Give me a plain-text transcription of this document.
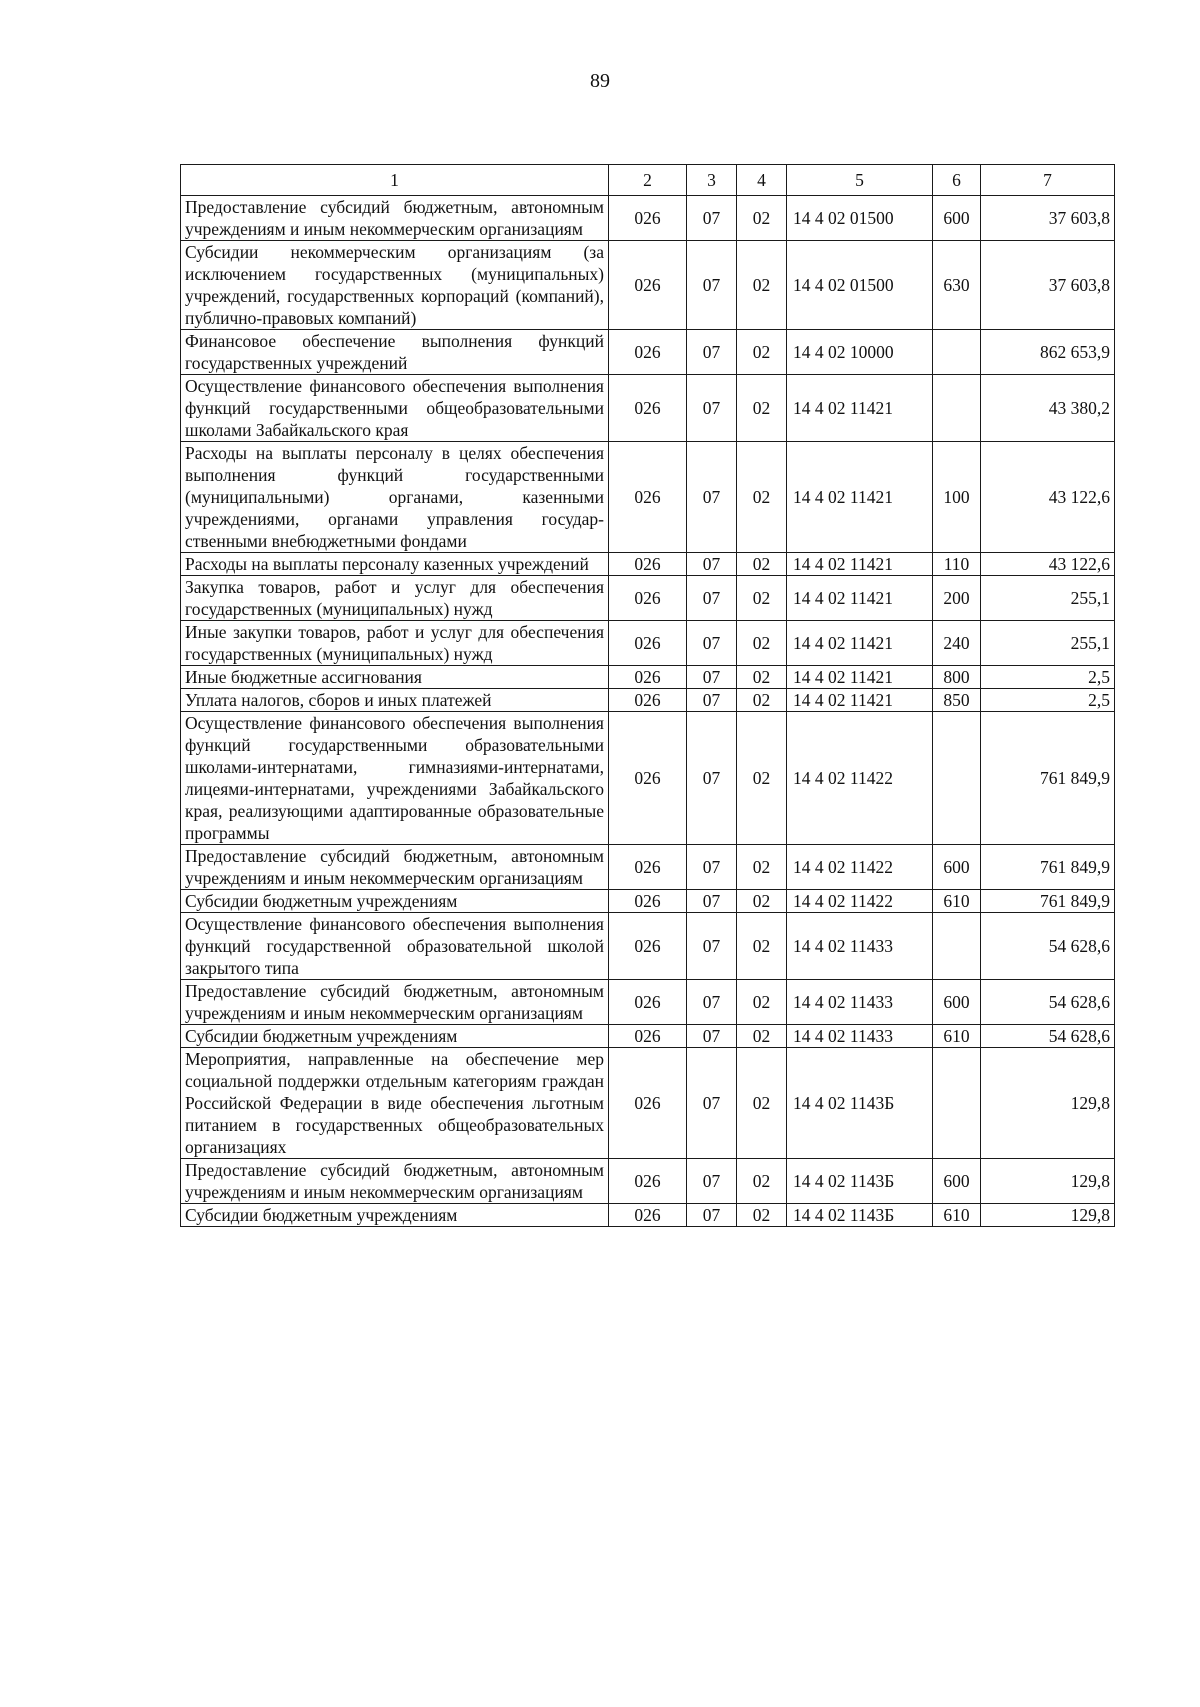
89
1	2	3	4	5	6	7
Предоставление субсидий бюджетным, автономным учреждениям и иным некоммерческим организациям	026	07	02	14 4 02 01500	600	37 603,8
Субсидии некоммерческим организациям (за исключением государственных (муниципальных) учреждений, государственных корпораций (компаний), публично-правовых компаний)	026	07	02	14 4 02 01500	630	37 603,8
Финансовое обеспечение выполнения функций государственных учреждений	026	07	02	14 4 02 10000		862 653,9
Осуществление финансового обеспечения выполнения функций государственными общеобразовательными школами Забайкальского края	026	07	02	14 4 02 11421		43 380,2
Расходы на выплаты персоналу в целях обеспечения выполнения функций государственными (муниципальными) органами, казенными учреждениями, органами управления государственными внебюджетными фондами	026	07	02	14 4 02 11421	100	43 122,6
Расходы на выплаты персоналу казенных учреждений	026	07	02	14 4 02 11421	110	43 122,6
Закупка товаров, работ и услуг для обеспечения государственных (муниципальных) нужд	026	07	02	14 4 02 11421	200	255,1
Иные закупки товаров, работ и услуг для обеспечения государственных (муниципальных) нужд	026	07	02	14 4 02 11421	240	255,1
Иные бюджетные ассигнования	026	07	02	14 4 02 11421	800	2,5
Уплата налогов, сборов и иных платежей	026	07	02	14 4 02 11421	850	2,5
Осуществление финансового обеспечения выполнения функций государственными образовательными школами-интернатами, гимназиями-интернатами, лицеями-интернатами, учреждениями Забайкальского края, реализующими адаптированные образовательные программы	026	07	02	14 4 02 11422		761 849,9
Предоставление субсидий бюджетным, автономным учреждениям и иным некоммерческим организациям	026	07	02	14 4 02 11422	600	761 849,9
Субсидии бюджетным учреждениям	026	07	02	14 4 02 11422	610	761 849,9
Осуществление финансового обеспечения выполнения функций государственной образовательной школой закрытого типа	026	07	02	14 4 02 11433		54 628,6
Предоставление субсидий бюджетным, автономным учреждениям и иным некоммерческим организациям	026	07	02	14 4 02 11433	600	54 628,6
Субсидии бюджетным учреждениям	026	07	02	14 4 02 11433	610	54 628,6
Мероприятия, направленные на обеспечение мер социальной поддержки отдельным категориям граждан Российской Федерации в виде обеспечения льготным питанием в государственных общеобразовательных организациях	026	07	02	14 4 02 1143Б		129,8
Предоставление субсидий бюджетным, автономным учреждениям и иным некоммерческим организациям	026	07	02	14 4 02 1143Б	600	129,8
Субсидии бюджетным учреждениям	026	07	02	14 4 02 1143Б	610	129,8
